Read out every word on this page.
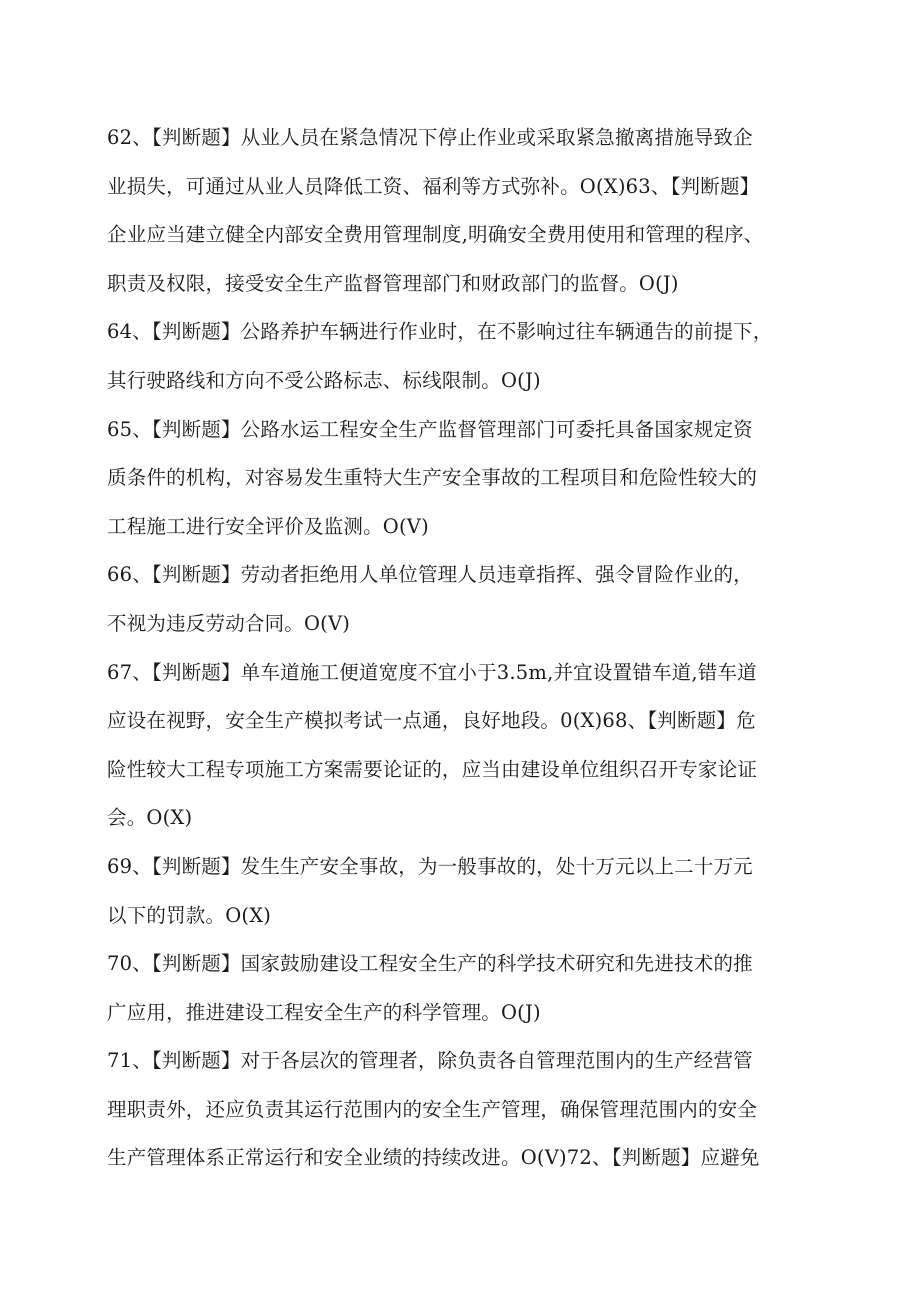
62、【判断题】从业人员在紧急情况下停止作业或采取紧急撤离措施导致企
业损失，可通过从业人员降低工资、福利等方式弥补。O(X)63、【判断题】
企业应当建立健全内部安全费用管理制度,明确安全费用使用和管理的程序、
职责及权限，接受安全生产监督管理部门和财政部门的监督。O(J)
64、【判断题】公路养护车辆进行作业时，在不影响过往车辆通告的前提下，
其行驶路线和方向不受公路标志、标线限制。O(J)
65、【判断题】公路水运工程安全生产监督管理部门可委托具备国家规定资
质条件的机构，对容易发生重特大生产安全事故的工程项目和危险性较大的
工程施工进行安全评价及监测。O(V)
66、【判断题】劳动者拒绝用人单位管理人员违章指挥、强令冒险作业的，
不视为违反劳动合同。O(V)
67、【判断题】单车道施工便道宽度不宜小于3.5m,并宜设置错车道,错车道
应设在视野，安全生产模拟考试一点通，良好地段。0(X)68、【判断题】危
险性较大工程专项施工方案需要论证的，应当由建设单位组织召开专家论证
会。O(X)
69、【判断题】发生生产安全事故，为一般事故的，处十万元以上二十万元
以下的罚款。O(X)
70、【判断题】国家鼓励建设工程安全生产的科学技术研究和先进技术的推
广应用，推进建设工程安全生产的科学管理。O(J)
71、【判断题】对于各层次的管理者，除负责各自管理范围内的生产经营管
理职责外，还应负责其运行范围内的安全生产管理，确保管理范围内的安全
生产管理体系正常运行和安全业绩的持续改进。O(V)72、【判断题】应避免
